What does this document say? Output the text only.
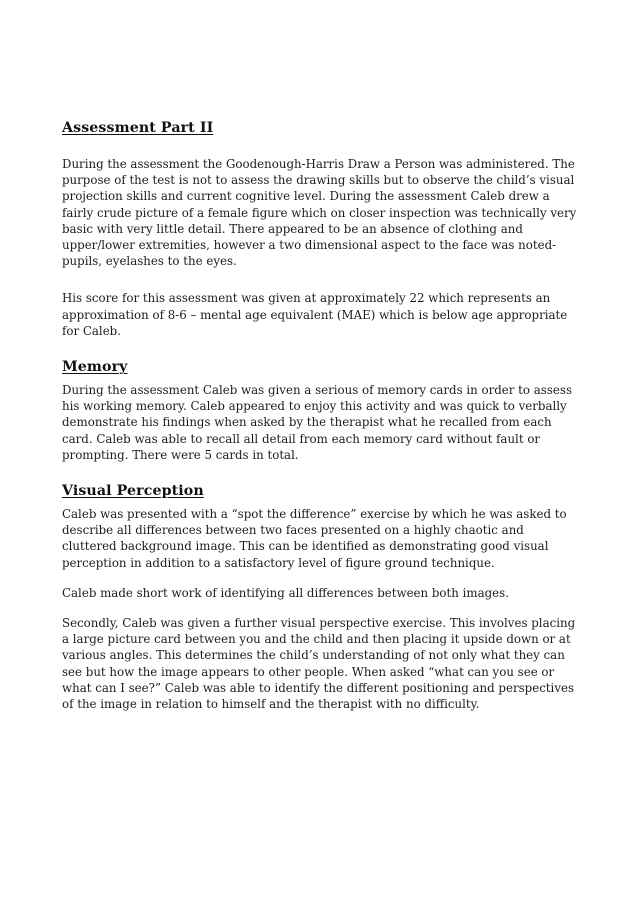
Assessment Part II

During the assessment the Goodenough-Harris Draw a Person was administered. The purpose of the test is not to assess the drawing skills but to observe the child’s visual projection skills and current cognitive level. During the assessment Caleb drew a fairly crude picture of a female figure which on closer inspection was technically very basic with very little detail. There appeared to be an absence of clothing and upper/lower extremities, however a two dimensional aspect to the face was noted-pupils, eyelashes to the eyes.

His score for this assessment was given at approximately 22 which represents an approximation of 8-6 – mental age equivalent (MAE) which is below age appropriate for Caleb.

Memory

During the assessment Caleb was given a serious of memory cards in order to assess his working memory. Caleb appeared to enjoy this activity and was quick to verbally demonstrate his findings when asked by the therapist what he recalled from each card. Caleb was able to recall all detail from each memory card without fault or prompting. There were 5 cards in total.

Visual Perception

Caleb was presented with a “spot the difference” exercise by which he was asked to describe all differences between two faces presented on a highly chaotic and cluttered background image. This can be identified as demonstrating good visual perception in addition to a satisfactory level of figure ground technique.

Caleb made short work of identifying all differences between both images.

Secondly, Caleb was given a further visual perspective exercise. This involves placing a large picture card between you and the child and then placing it upside down or at various angles. This determines the child’s understanding of not only what they can see but how the image appears to other people. When asked “what can you see or what can I see?” Caleb was able to identify the different positioning and perspectives of the image in relation to himself and the therapist with no difficulty.
